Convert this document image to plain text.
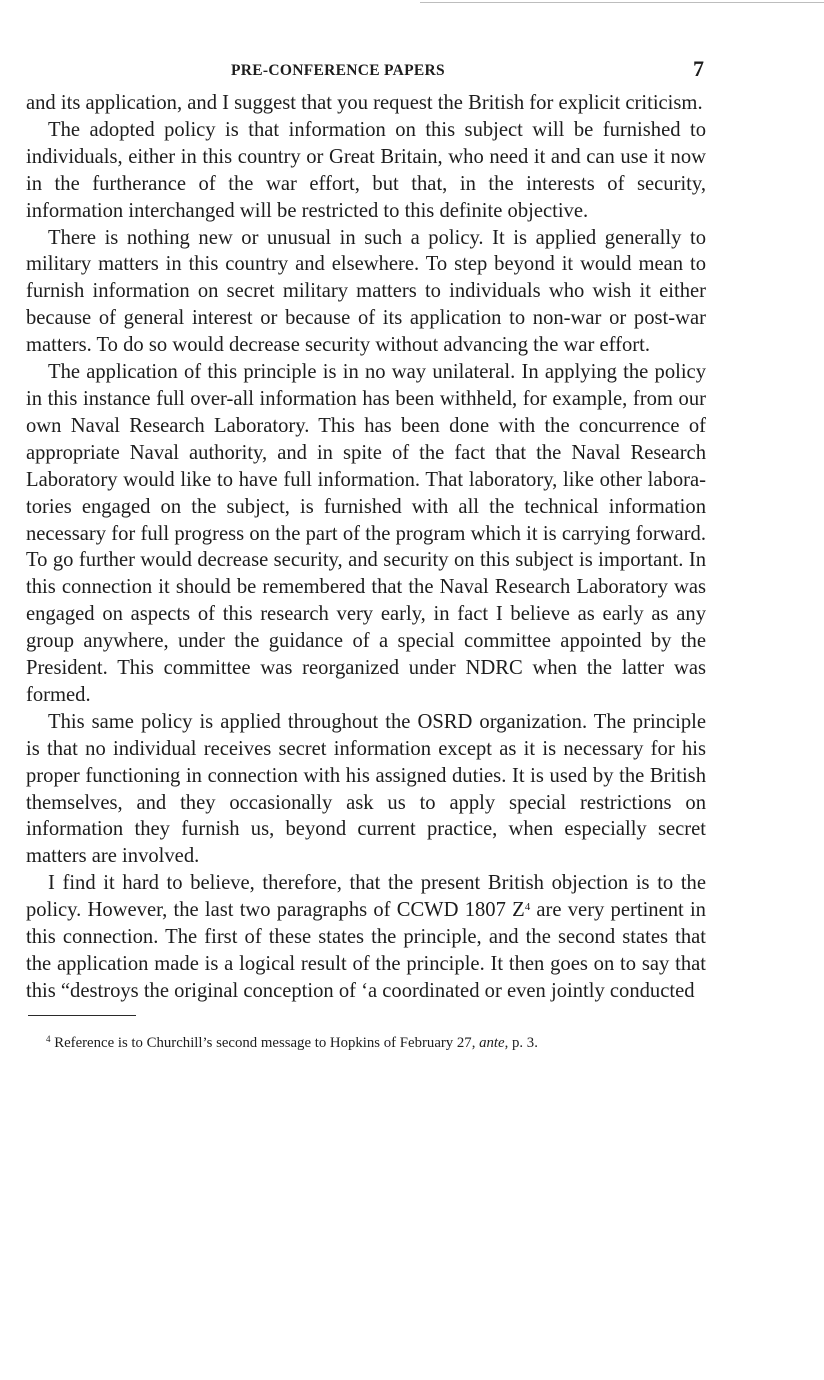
PRE-CONFERENCE PAPERS	7

and its application, and I suggest that you request the British for explicit criticism.

The adopted policy is that information on this subject will be furnished to individuals, either in this country or Great Britain, who need it and can use it now in the furtherance of the war effort, but that, in the interests of security, information interchanged will be restricted to this definite objective.

There is nothing new or unusual in such a policy. It is applied generally to military matters in this country and elsewhere. To step beyond it would mean to furnish information on secret military matters to individuals who wish it either because of general interest or because of its application to non-war or post-war matters. To do so would decrease security without advancing the war effort.

The application of this principle is in no way unilateral. In applying the policy in this instance full over-all information has been withheld, for example, from our own Naval Research Laboratory. This has been done with the concurrence of appropriate Naval authority, and in spite of the fact that the Naval Research Laboratory would like to have full information. That laboratory, like other laboratories engaged on the subject, is furnished with all the technical information necessary for full progress on the part of the program which it is carrying forward. To go further would decrease security, and security on this subject is important. In this connection it should be remembered that the Naval Research Laboratory was engaged on aspects of this research very early, in fact I believe as early as any group anywhere, under the guidance of a special committee appointed by the President. This committee was reorganized under NDRC when the latter was formed.

This same policy is applied throughout the OSRD organization. The principle is that no individual receives secret information except as it is necessary for his proper functioning in connection with his assigned duties. It is used by the British themselves, and they occasionally ask us to apply special restrictions on information they furnish us, beyond current practice, when especially secret matters are involved.

I find it hard to believe, therefore, that the present British objection is to the policy. However, the last two paragraphs of CCWD 1807 $Z^4$ are very pertinent in this connection. The first of these states the principle, and the second states that the application made is a logical result of the principle. It then goes on to say that this “destroys the original conception of ‘a coordinated or even jointly conducted

$^4$ Reference is to Churchill’s second message to Hopkins of February 27, ante, p. 3.
